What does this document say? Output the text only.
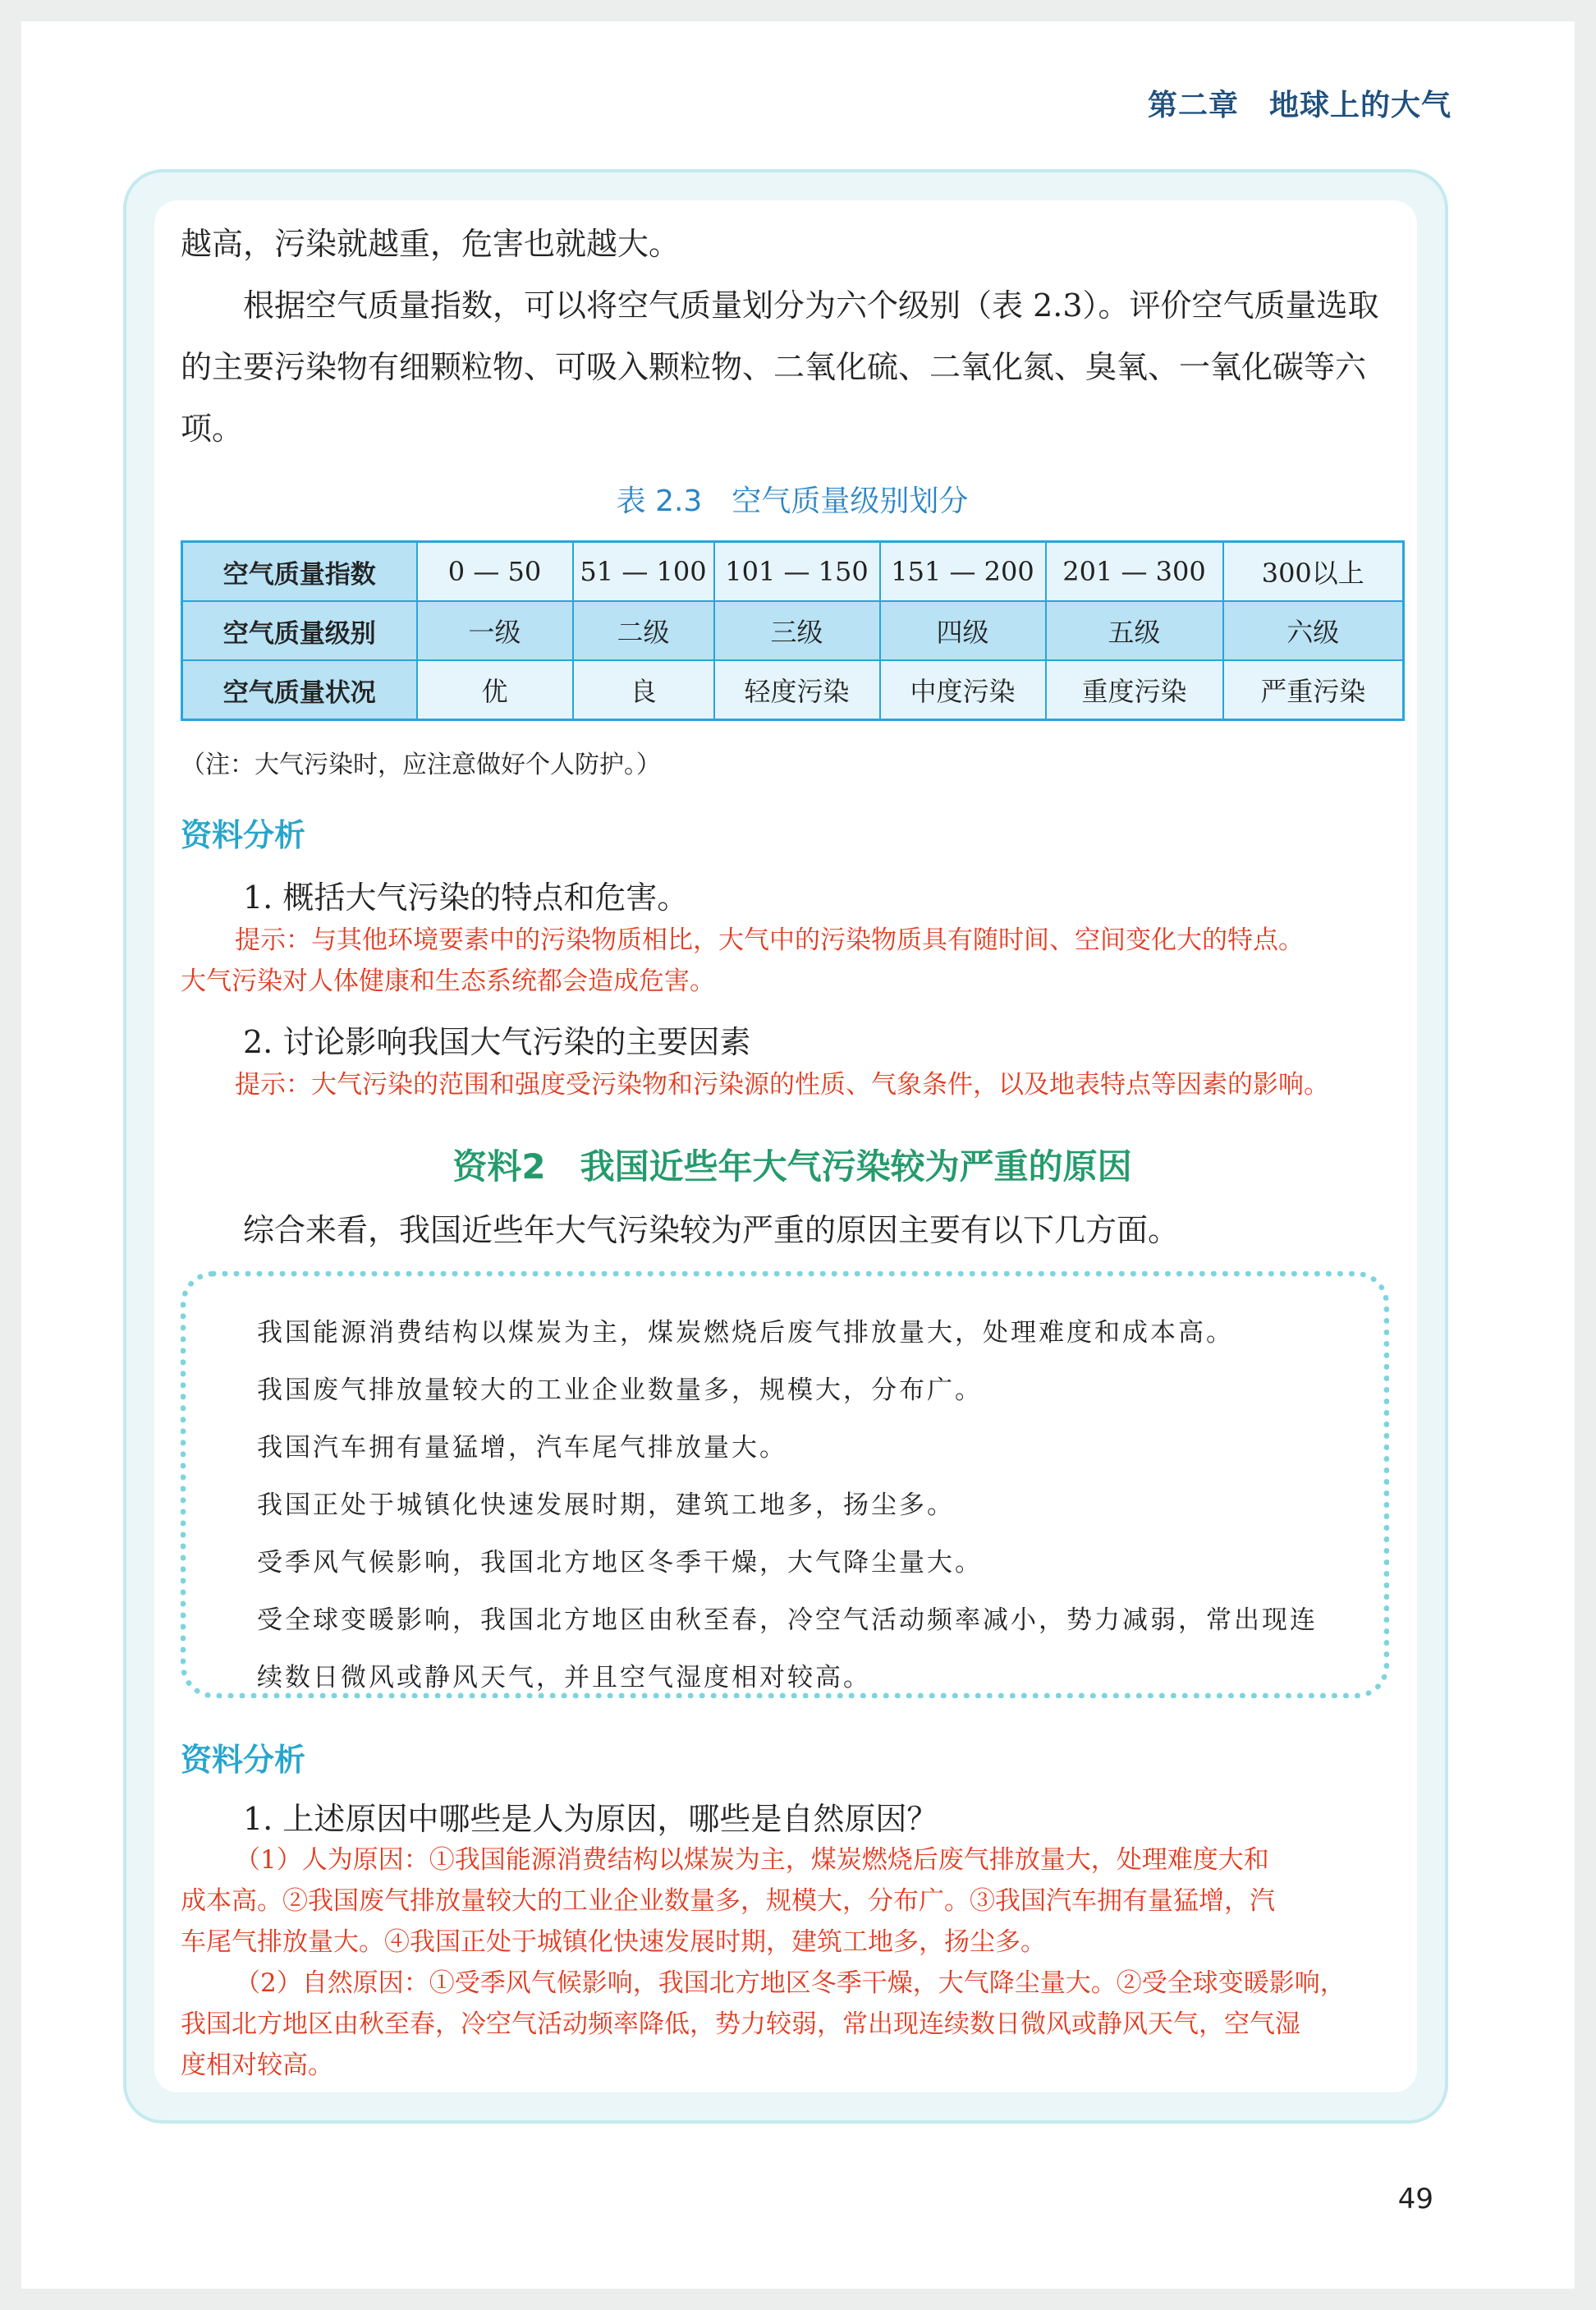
第二章　地球上的大气

越高，污染就越重，危害也就越大。

根据空气质量指数，可以将空气质量划分为六个级别（表 2.3）。评价空气质量选取的主要污染物有细颗粒物、可吸入颗粒物、二氧化硫、二氧化氮、臭氧、一氧化碳等六项。

表 2.3　空气质量级别划分
空气质量指数	0 — 50	51 — 100	101 — 150	151 — 200	201 — 300	300以上
空气质量级别	一级	二级	三级	四级	五级	六级
空气质量状况	优	良	轻度污染	中度污染	重度污染	严重污染
（注：大气污染时，应注意做好个人防护。）
资料分析
1. 概括大气污染的特点和危害。
提示：与其他环境要素中的污染物质相比，大气中的污染物质具有随时间、空间变化大的特点。
大气污染对人体健康和生态系统都会造成危害。
2. 讨论影响我国大气污染的主要因素
提示：大气污染的范围和强度受污染物和污染源的性质、气象条件，以及地表特点等因素的影响。
资料2　我国近些年大气污染较为严重的原因
综合来看，我国近些年大气污染较为严重的原因主要有以下几方面。
我国能源消费结构以煤炭为主，煤炭燃烧后废气排放量大，处理难度和成本高。
我国废气排放量较大的工业企业数量多，规模大，分布广。
我国汽车拥有量猛增，汽车尾气排放量大。
我国正处于城镇化快速发展时期，建筑工地多，扬尘多。
受季风气候影响，我国北方地区冬季干燥，大气降尘量大。
受全球变暖影响，我国北方地区由秋至春，冷空气活动频率减小，势力减弱，常出现连
续数日微风或静风天气，并且空气湿度相对较高。
资料分析
1. 上述原因中哪些是人为原因，哪些是自然原因？
（1）人为原因：①我国能源消费结构以煤炭为主，煤炭燃烧后废气排放量大，处理难度大和
成本高。②我国废气排放量较大的工业企业数量多，规模大，分布广。③我国汽车拥有量猛增，汽
车尾气排放量大。④我国正处于城镇化快速发展时期，建筑工地多，扬尘多。
（2）自然原因：①受季风气候影响，我国北方地区冬季干燥，大气降尘量大。②受全球变暖影响，
我国北方地区由秋至春，冷空气活动频率降低，势力较弱，常出现连续数日微风或静风天气，空气湿
度相对较高。
49
